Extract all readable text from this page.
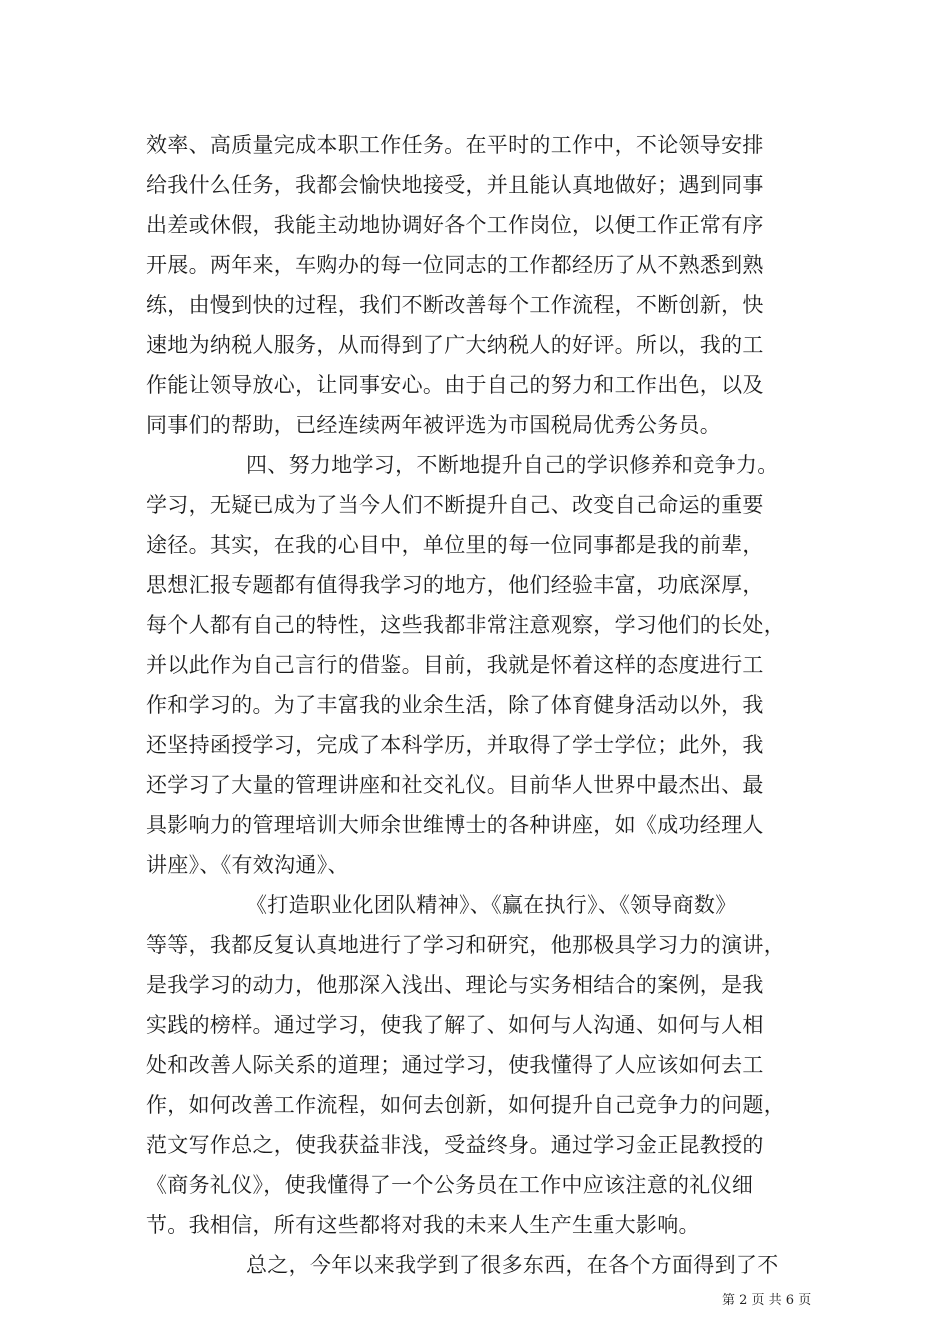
效率、高质量完成本职工作任务。在平时的工作中，不论领导安排
给我什么任务，我都会愉快地接受，并且能认真地做好；遇到同事
出差或休假，我能主动地协调好各个工作岗位，以便工作正常有序
开展。两年来，车购办的每一位同志的工作都经历了从不熟悉到熟
练，由慢到快的过程，我们不断改善每个工作流程，不断创新，快
速地为纳税人服务，从而得到了广大纳税人的好评。所以，我的工
作能让领导放心，让同事安心。由于自己的努力和工作出色，以及
同事们的帮助，已经连续两年被评选为市国税局优秀公务员。
四、努力地学习，不断地提升自己的学识修养和竞争力。
学习，无疑已成为了当今人们不断提升自己、改变自己命运的重要
途径。其实，在我的心目中，单位里的每一位同事都是我的前辈，
思想汇报专题都有值得我学习的地方，他们经验丰富，功底深厚，
每个人都有自己的特性，这些我都非常注意观察，学习他们的长处，
并以此作为自己言行的借鉴。目前，我就是怀着这样的态度进行工
作和学习的。为了丰富我的业余生活，除了体育健身活动以外，我
还坚持函授学习，完成了本科学历，并取得了学士学位；此外，我
还学习了大量的管理讲座和社交礼仪。目前华人世界中最杰出、最
具影响力的管理培训大师余世维博士的各种讲座，如《成功经理人
讲座》、《有效沟通》、
《打造职业化团队精神》、《赢在执行》、《领导商数》
等等，我都反复认真地进行了学习和研究，他那极具学习力的演讲，
是我学习的动力，他那深入浅出、理论与实务相结合的案例，是我
实践的榜样。通过学习，使我了解了、如何与人沟通、如何与人相
处和改善人际关系的道理；通过学习，使我懂得了人应该如何去工
作，如何改善工作流程，如何去创新，如何提升自己竞争力的问题，
范文写作总之，使我获益非浅，受益终身。通过学习金正昆教授的
《商务礼仪》，使我懂得了一个公务员在工作中应该注意的礼仪细
节。我相信，所有这些都将对我的未来人生产生重大影响。
总之，今年以来我学到了很多东西，在各个方面得到了不
第 2 页 共 6 页
